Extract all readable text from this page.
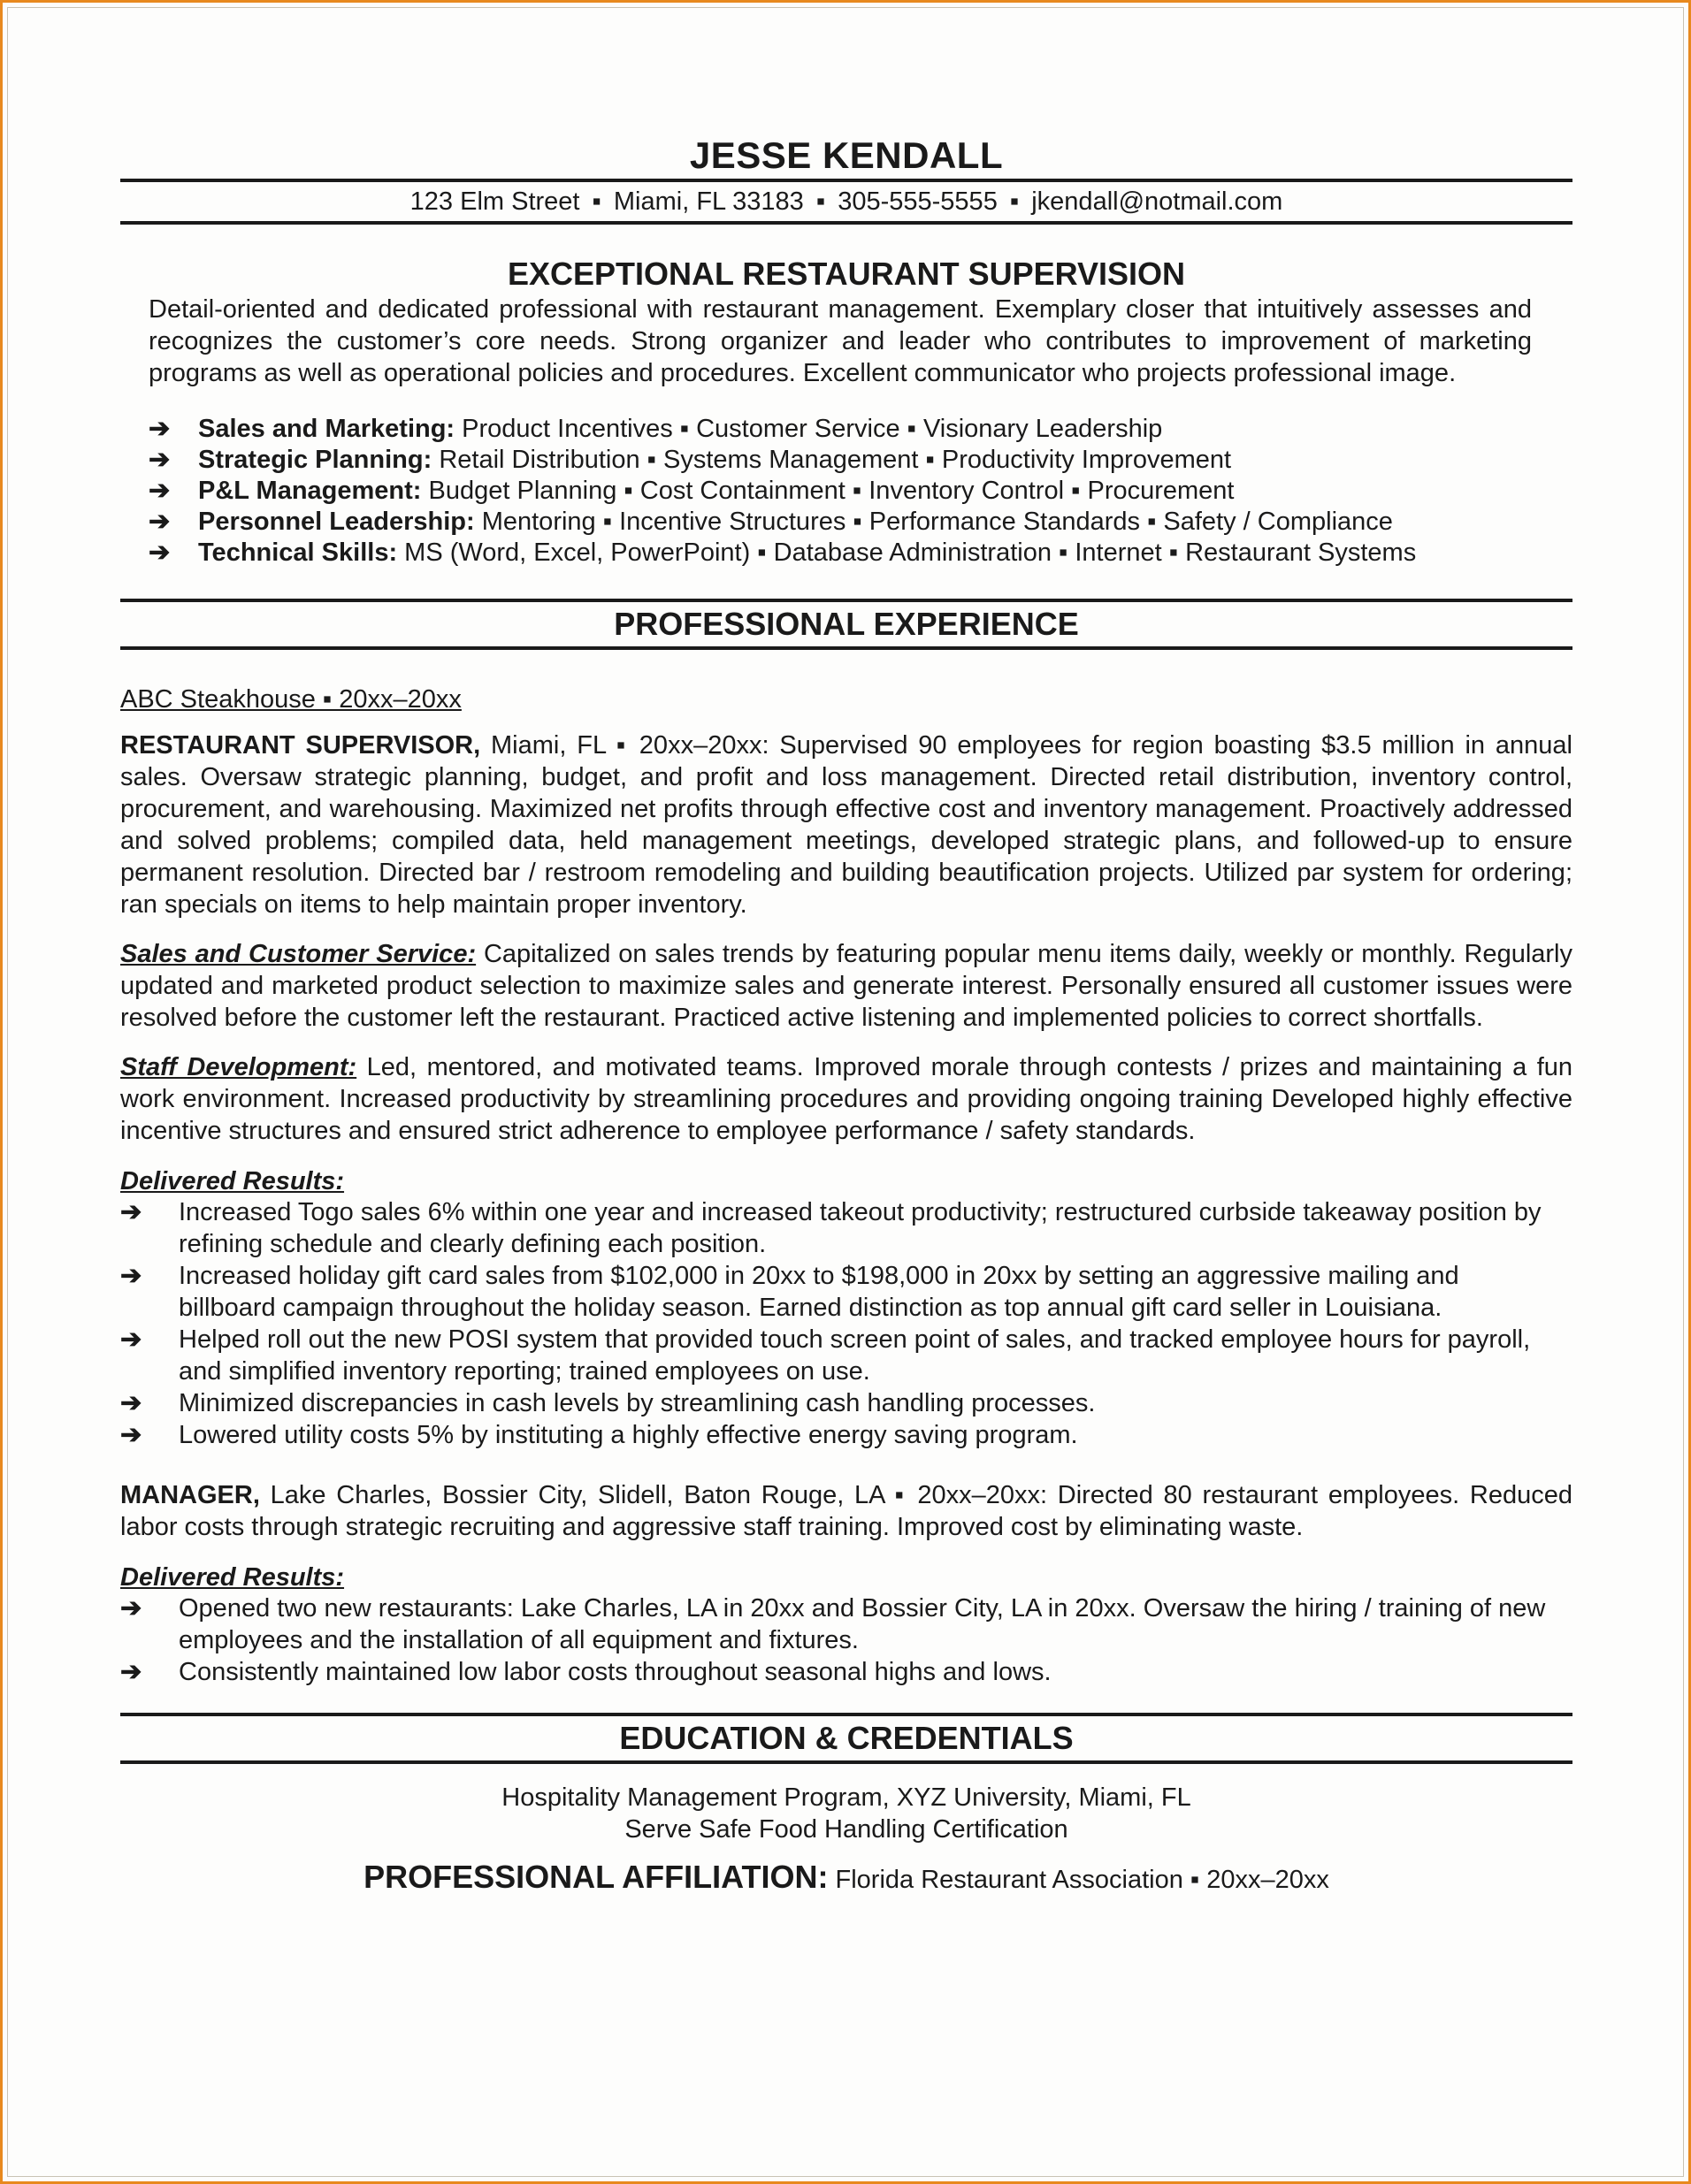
JESSE KENDALL
123 Elm Street ▪ Miami, FL 33183 ▪ 305-555-5555 ▪ jkendall@notmail.com
EXCEPTIONAL RESTAURANT SUPERVISION
Detail-oriented and dedicated professional with restaurant management. Exemplary closer that intuitively assesses and recognizes the customer’s core needs. Strong organizer and leader who contributes to improvement of marketing programs as well as operational policies and procedures. Excellent communicator who projects professional image.
➔	Sales and Marketing: Product Incentives ▪ Customer Service ▪ Visionary Leadership
➔	Strategic Planning: Retail Distribution ▪ Systems Management ▪ Productivity Improvement
➔	P&L Management: Budget Planning ▪ Cost Containment ▪ Inventory Control ▪ Procurement
➔	Personnel Leadership: Mentoring ▪ Incentive Structures ▪ Performance Standards ▪ Safety / Compliance
➔	Technical Skills: MS (Word, Excel, PowerPoint) ▪ Database Administration ▪ Internet ▪ Restaurant Systems
PROFESSIONAL EXPERIENCE
ABC Steakhouse ▪ 20xx–20xx
RESTAURANT SUPERVISOR, Miami, FL ▪ 20xx–20xx: Supervised 90 employees for region boasting $3.5 million in annual sales. Oversaw strategic planning, budget, and profit and loss management. Directed retail distribution, inventory control, procurement, and warehousing. Maximized net profits through effective cost and inventory management. Proactively addressed and solved problems; compiled data, held management meetings, developed strategic plans, and followed-up to ensure permanent resolution. Directed bar / restroom remodeling and building beautification projects. Utilized par system for ordering; ran specials on items to help maintain proper inventory.
Sales and Customer Service: Capitalized on sales trends by featuring popular menu items daily, weekly or monthly. Regularly updated and marketed product selection to maximize sales and generate interest. Personally ensured all customer issues were resolved before the customer left the restaurant. Practiced active listening and implemented policies to correct shortfalls.
Staff Development: Led, mentored, and motivated teams. Improved morale through contests / prizes and maintaining a fun work environment. Increased productivity by streamlining procedures and providing ongoing training Developed highly effective incentive structures and ensured strict adherence to employee performance / safety standards.
Delivered Results:
➔	Increased Togo sales 6% within one year and increased takeout productivity; restructured curbside takeaway position by refining schedule and clearly defining each position.
➔	Increased holiday gift card sales from $102,000 in 20xx to $198,000 in 20xx by setting an aggressive mailing and billboard campaign throughout the holiday season. Earned distinction as top annual gift card seller in Louisiana.
➔	Helped roll out the new POSI system that provided touch screen point of sales, and tracked employee hours for payroll, and simplified inventory reporting; trained employees on use.
➔	Minimized discrepancies in cash levels by streamlining cash handling processes.
➔	Lowered utility costs 5% by instituting a highly effective energy saving program.
MANAGER, Lake Charles, Bossier City, Slidell, Baton Rouge, LA ▪ 20xx–20xx: Directed 80 restaurant employees. Reduced labor costs through strategic recruiting and aggressive staff training. Improved cost by eliminating waste.
Delivered Results:
➔	Opened two new restaurants: Lake Charles, LA in 20xx and Bossier City, LA in 20xx. Oversaw the hiring / training of new employees and the installation of all equipment and fixtures.
➔	Consistently maintained low labor costs throughout seasonal highs and lows.
EDUCATION & CREDENTIALS
Hospitality Management Program, XYZ University, Miami, FL
Serve Safe Food Handling Certification
PROFESSIONAL AFFILIATION: Florida Restaurant Association ▪ 20xx–20xx
